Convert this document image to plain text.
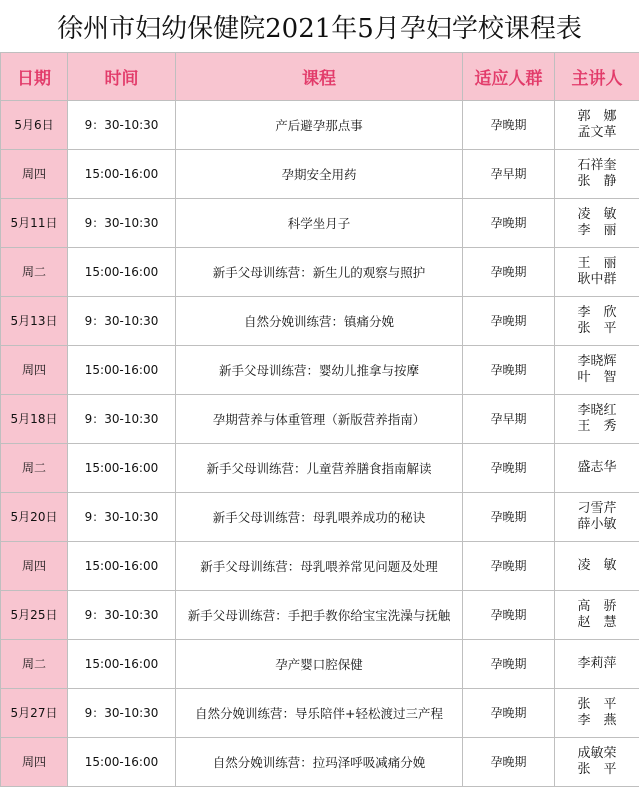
徐州市妇幼保健院2021年5月孕妇学校课程表
日期	时间	课程	适应人群	主讲人
5月6日	9：30-10:30	产后避孕那点事	孕晚期	郭　娜
孟文革

周四	15:00-16:00	孕期安全用药	孕早期	石祥奎
张　静

5月11日	9：30-10:30	科学坐月子	孕晚期	凌　敏
李　丽

周二	15:00-16:00	新手父母训练营：新生儿的观察与照护	孕晚期	王　丽
耿中群

5月13日	9：30-10:30	自然分娩训练营：镇痛分娩	孕晚期	李　欣
张　平

周四	15:00-16:00	新手父母训练营：婴幼儿推拿与按摩	孕晚期	李晓辉
叶　智

5月18日	9：30-10:30	孕期营养与体重管理（新版营养指南）	孕早期	李晓红
王　秀

周二	15:00-16:00	新手父母训练营：儿童营养膳食指南解读	孕晚期	盛志华

5月20日	9：30-10:30	新手父母训练营：母乳喂养成功的秘诀	孕晚期	刁雪芹
薛小敏

周四	15:00-16:00	新手父母训练营：母乳喂养常见问题及处理	孕晚期	凌　敏

5月25日	9：30-10:30	新手父母训练营：手把手教你给宝宝洗澡与抚触	孕晚期	高　骄
赵　慧

周二	15:00-16:00	孕产婴口腔保健	孕晚期	李莉萍

5月27日	9：30-10:30	自然分娩训练营：导乐陪伴+轻松渡过三产程	孕晚期	张　平
李　燕

周四	15:00-16:00	自然分娩训练营：拉玛泽呼吸减痛分娩	孕晚期	成敏荣
张　平
